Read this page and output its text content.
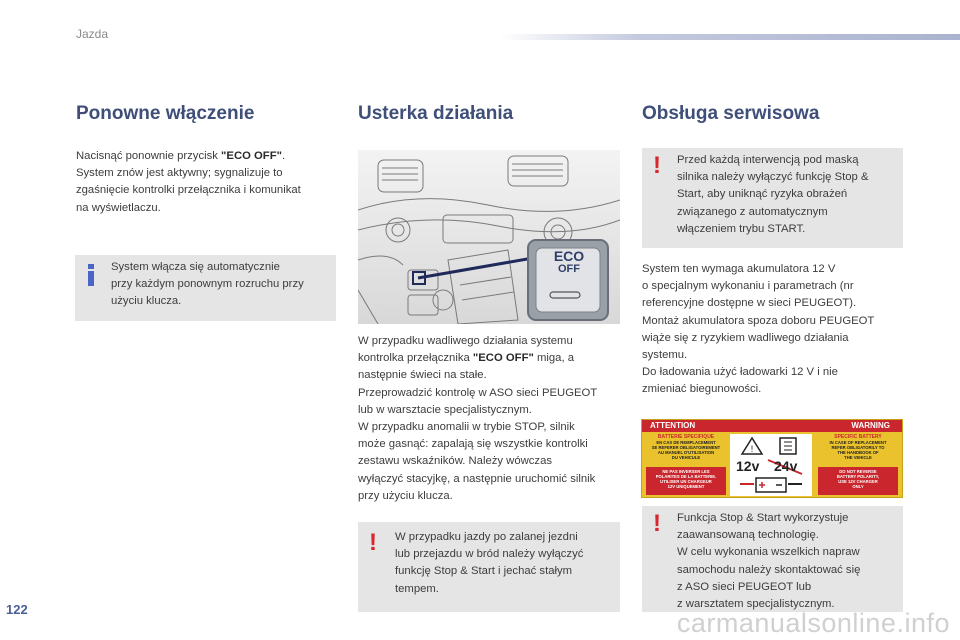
Jazda
Ponowne włączenie
Nacisnąć ponownie przycisk "ECO OFF".
System znów jest aktywny; sygnalizuje to
zgaśnięcie kontrolki przełącznika i komunikat
na wyświetlaczu.
System włącza się automatycznie
przy każdym ponownym rozruchu przy
użyciu klucza.
Usterka działania
ECO
OFF
W przypadku wadliwego działania systemu
kontrolka przełącznika "ECO OFF" miga, a
następnie świeci na stałe.
Przeprowadzić kontrolę w ASO sieci PEUGEOT
lub w warsztacie specjalistycznym.
W przypadku anomalii w trybie STOP, silnik
może gasnąć: zapalają się wszystkie kontrolki
zestawu wskaźników. Należy wówczas
wyłączyć stacyjkę, a następnie uruchomić silnik
przy użyciu klucza.
! W przypadku jazdy po zalanej jezdni
lub przejazdu w bród należy wyłączyć
funkcję Stop & Start i jechać stałym
tempem.
Obsługa serwisowa
! Przed każdą interwencją pod maską
silnika należy wyłączyć funkcję Stop &
Start, aby uniknąć ryzyka obrażeń
związanego z automatycznym
włączeniem trybu START.
System ten wymaga akumulatora 12 V
o specjalnym wykonaniu i parametrach (nr
referencyjne dostępne w sieci PEUGEOT).
Montaż akumulatora spoza doboru PEUGEOT
wiąże się z ryzykiem wadliwego działania
systemu.
Do ładowania użyć ładowarki 12 V i nie
zmieniać biegunowości.
ATTENTION	WARNING
BATTERIE SPECIFIQUE
EN CAS DE REMPLACEMENT
SE REFERER OBLIGATOIREMENT
AU MANUEL D'UTILISATION
DU VEHICULE
NE PAS INVERSER LES
POLARITES DE LA BATTERIE.
UTILISER UN CHARGEUR
12V UNIQUEMENT
!
12v 24v
SPECIFIC BATTERY
IN CASE OF REPLACEMENT
REFER OBLIGATORILY TO
THE HANDBOOK OF
THE VEHICLE
DO NOT REVERSE
BATTERY POLARITY,
USE 12V CHARGER
ONLY
! Funkcja Stop & Start wykorzystuje
zaawansowaną technologię.
W celu wykonania wszelkich napraw
samochodu należy skontaktować się
z ASO sieci PEUGEOT lub
z warsztatem specjalistycznym.
122	carmanualsonline.info
